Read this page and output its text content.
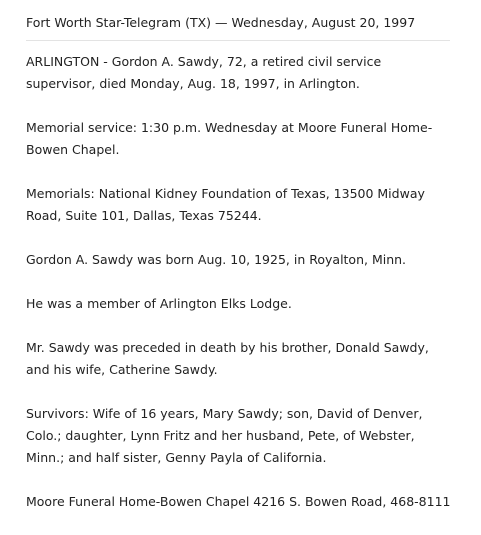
Fort Worth Star-Telegram (TX) — Wednesday, August 20, 1997

ARLINGTON - Gordon A. Sawdy, 72, a retired civil service supervisor, died Monday, Aug. 18, 1997, in Arlington.

Memorial service: 1:30 p.m. Wednesday at Moore Funeral Home-Bowen Chapel.

Memorials: National Kidney Foundation of Texas, 13500 Midway Road, Suite 101, Dallas, Texas 75244.

Gordon A. Sawdy was born Aug. 10, 1925, in Royalton, Minn.

He was a member of Arlington Elks Lodge.

Mr. Sawdy was preceded in death by his brother, Donald Sawdy, and his wife, Catherine Sawdy.

Survivors: Wife of 16 years, Mary Sawdy; son, David of Denver, Colo.; daughter, Lynn Fritz and her husband, Pete, of Webster, Minn.; and half sister, Genny Payla of California.

Moore Funeral Home-Bowen Chapel 4216 S. Bowen Road, 468-8111
